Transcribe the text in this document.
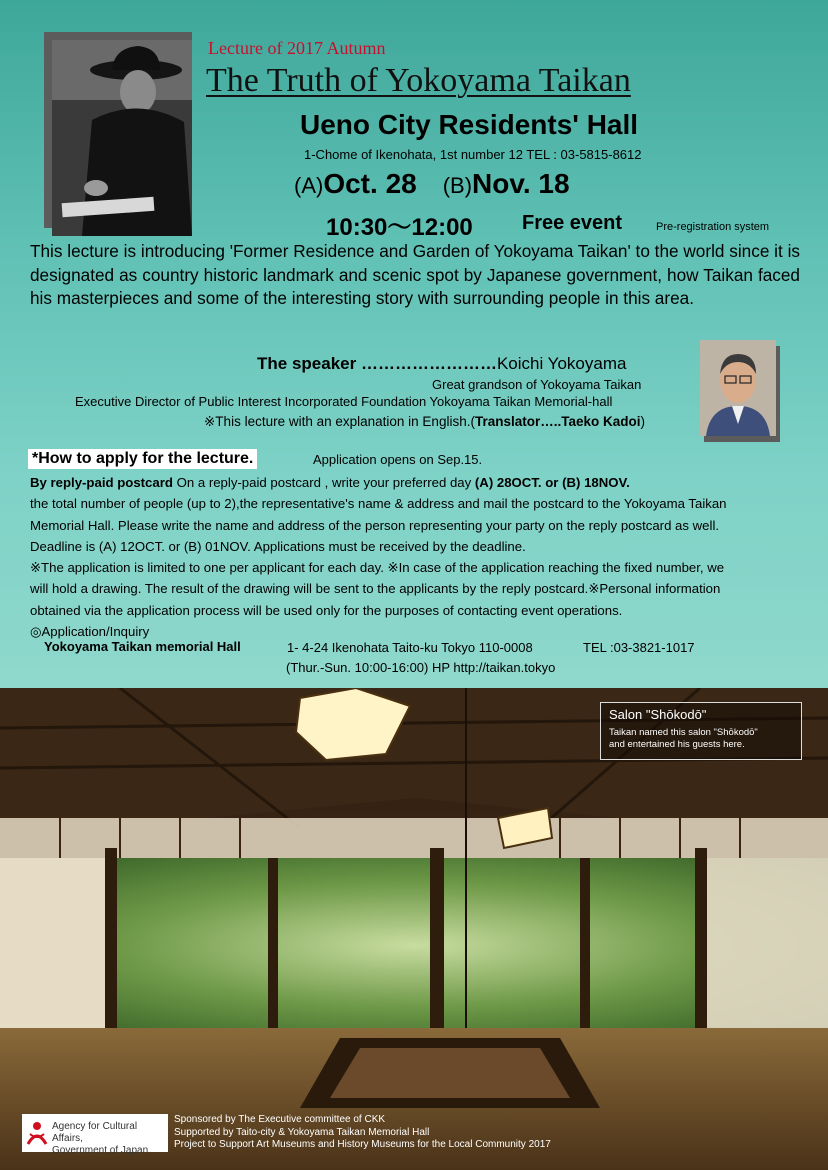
Lecture of 2017 Autumn
The Truth of Yokoyama Taikan
Ueno City Residents' Hall
1-Chome of Ikenohata, 1st number 12 TEL : 03-5815-8612
(A)Oct. 28 (B)Nov. 18
10:30～12:00 Free event	Pre-registration system
This lecture is introducing 'Former Residence and Garden of Yokoyama Taikan' to the world since it is designated as country historic landmark and scenic spot by Japanese government, how Taikan faced his masterpieces and some of the interesting story with surrounding people in this area.
The speaker ……………………Koichi Yokoyama
Great grandson of Yokoyama Taikan
Executive Director of Public Interest Incorporated Foundation Yokoyama Taikan Memorial-hall
※This lecture with an explanation in English.(Translator…..Taeko Kadoi)
*How to apply for the lecture.	Application opens on Sep.15.

By reply-paid postcard On a reply-paid postcard , write your preferred day (A) 28OCT. or (B) 18NOV.

the total number of people (up to 2),the representative's name & address and mail the postcard to the Yokoyama Taikan

Memorial Hall. Please write the name and address of the person representing your party on the reply postcard as well.

Deadline is (A) 12OCT. or (B) 01NOV. Applications must be received by the deadline.

※The application is limited to one per applicant for each day. ※In case of the application reaching the fixed number, we

will hold a drawing. The result of the drawing will be sent to the applicants by the reply postcard.※Personal information

obtained via the application process will be used only for the purposes of contacting event operations.

◎Application/Inquiry

Yokoyama Taikan memorial Hall	1- 4-24 Ikenohata Taito-ku Tokyo 110-0008	TEL :03-3821-1017
(Thur.-Sun. 10:00-16:00) HP http://taikan.tokyo
Salon "Shōkodō"
Taikan named this salon "Shōkodō"
and entertained his guests here.
Agency for Cultural Affairs,
Government of Japan
Sponsored by The Executive committee of CKK
Supported by Taito-city & Yokoyama Taikan Memorial Hall
Project to Support Art Museums and History Museums for the Local Community 2017
